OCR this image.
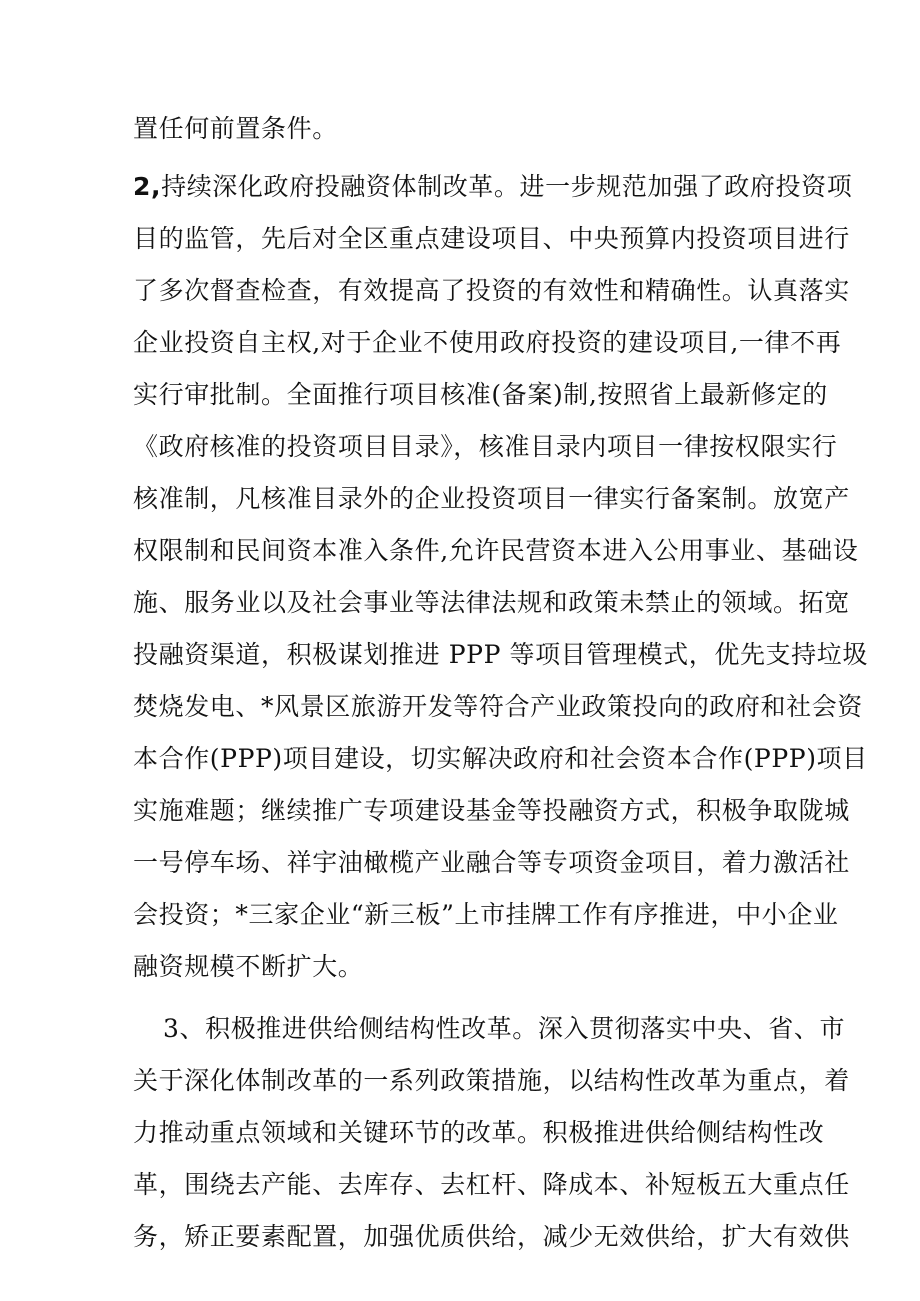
置任何前置条件。
2,持续深化政府投融资体制改革。进一步规范加强了政府投资项
目的监管，先后对全区重点建设项目、中央预算内投资项目进行
了多次督查检查，有效提高了投资的有效性和精确性。认真落实
企业投资自主权,对于企业不使用政府投资的建设项目,一律不再
实行审批制。全面推行项目核准(备案)制,按照省上最新修定的
《政府核准的投资项目目录》，核准目录内项目一律按权限实行
核准制，凡核准目录外的企业投资项目一律实行备案制。放宽产
权限制和民间资本准入条件,允许民营资本进入公用事业、基础设
施、服务业以及社会事业等法律法规和政策未禁止的领域。拓宽
投融资渠道，积极谋划推进 PPP 等项目管理模式，优先支持垃圾
焚烧发电、*风景区旅游开发等符合产业政策投向的政府和社会资
本合作(PPP)项目建设，切实解决政府和社会资本合作(PPP)项目
实施难题；继续推广专项建设基金等投融资方式，积极争取陇城
一号停车场、祥宇油橄榄产业融合等专项资金项目，着力激活社
会投资；*三家企业“新三板”上市挂牌工作有序推进，中小企业
融资规模不断扩大。
3、积极推进供给侧结构性改革。深入贯彻落实中央、省、市
关于深化体制改革的一系列政策措施，以结构性改革为重点，着
力推动重点领域和关键环节的改革。积极推进供给侧结构性改
革，围绕去产能、去库存、去杠杆、降成本、补短板五大重点任
务，矫正要素配置，加强优质供给，减少无效供给，扩大有效供
